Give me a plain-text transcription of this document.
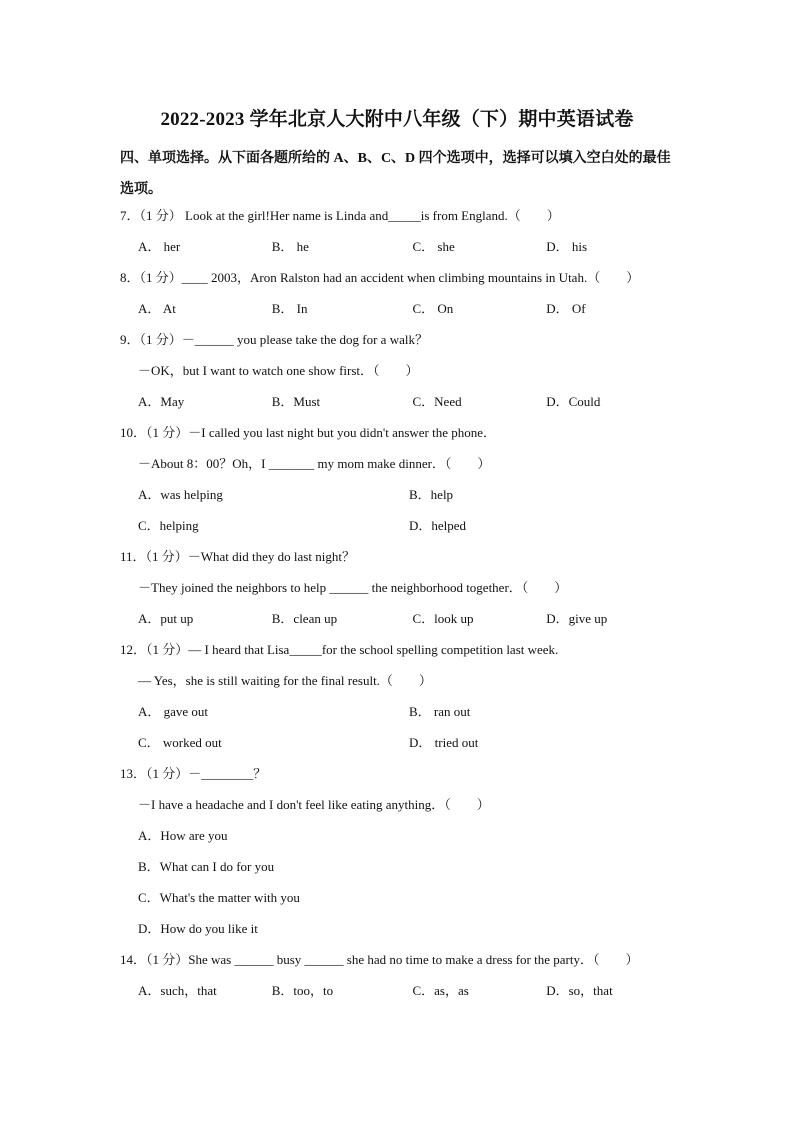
2022-2023 学年北京人大附中八年级（下）期中英语试卷
四、单项选择。从下面各题所给的 A、B、C、D 四个选项中，选择可以填入空白处的最佳选项。
7．（1 分） Look at the girl!Her name is Linda and_____is from England.（　　）
A． her	B． he	C． she	D． his
8．（1 分）____ 2003，Aron Ralston had an accident when climbing mountains in Utah.（　　）
A． At	B． In	C． On	D． Of
9．（1 分）－______ you please take the dog for a walk？
－OK，but I want to watch one show first．（　　）
A．May	B．Must	C．Need	D．Could
10．（1 分）－I called you last night but you didn't answer the phone．
－About 8：00？Oh，I _______ my mom make dinner．（　　）
A．was helping	B．help
C．helping	D．helped
11．（1 分）－What did they do last night？
－They joined the neighbors to help ______ the neighborhood together．（　　）
A．put up	B．clean up	C．look up	D．give up
12．（1 分）— I heard that Lisa_____for the school spelling competition last week.
— Yes，she is still waiting for the final result.（　　）
A． gave out	B． ran out
C． worked out	D． tried out
13．（1 分）－________？
－I have a headache and I don't feel like eating anything．（　　）
A．How are you
B．What can I do for you
C．What's the matter with you
D．How do you like it
14．（1 分）She was ______ busy ______ she had no time to make a dress for the party．（　　）
A．such，that	B．too，to	C．as，as	D．so，that
